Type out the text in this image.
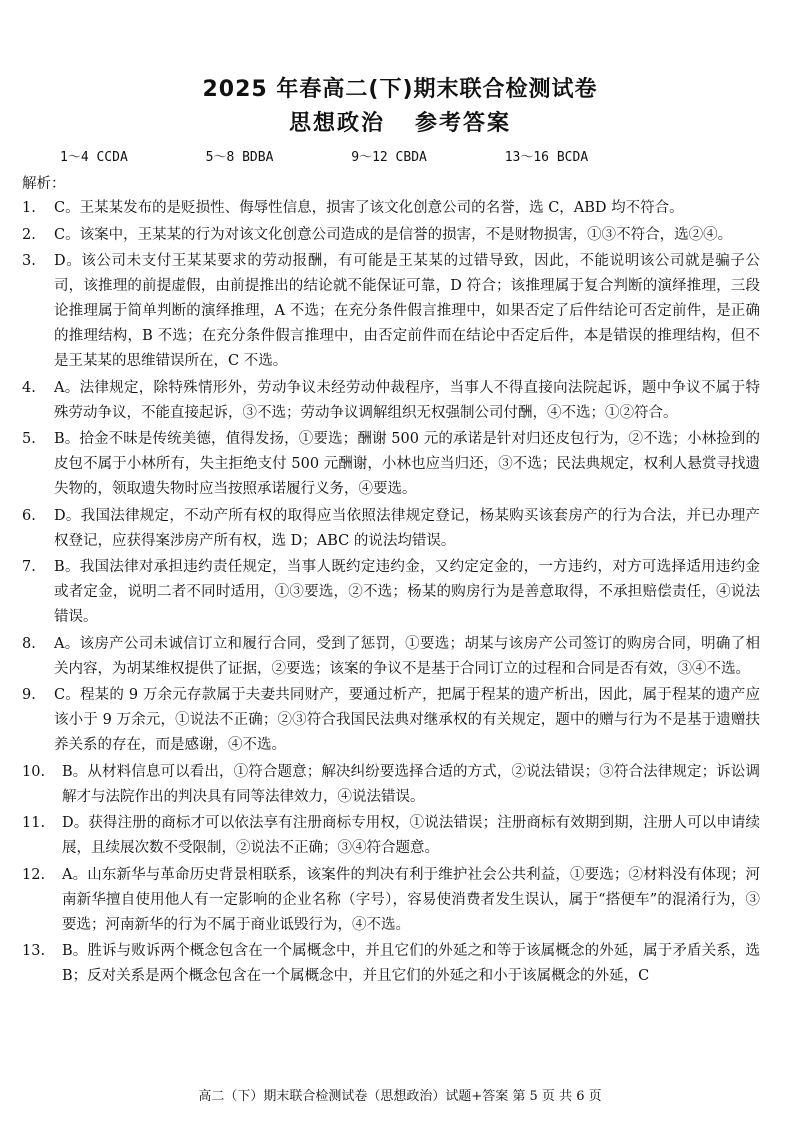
2025 年春高二(下)期末联合检测试卷
思想政治 参考答案
1～4 CCDA	5～8 BDBA	9～12 CBDA	13～16 BCDA
解析：
1.	C。王某某发布的是贬损性、侮辱性信息，损害了该文化创意公司的名誉，选 C，ABD 均不符合。
2.	C。该案中，王某某的行为对该文化创意公司造成的是信誉的损害，不是财物损害，①③不符合，选②④。
3.	D。该公司未支付王某某要求的劳动报酬，有可能是王某某的过错导致，因此，不能说明该公司就是骗子公司，该推理的前提虚假，由前提推出的结论就不能保证可靠，D 符合；该推理属于复合判断的演绎推理，三段论推理属于简单判断的演绎推理，A 不选；在充分条件假言推理中，如果否定了后件结论可否定前件，是正确的推理结构，B 不选；在充分条件假言推理中，由否定前件而在结论中否定后件，本是错误的推理结构，但不是王某某的思维错误所在，C 不选。
4.	A。法律规定，除特殊情形外，劳动争议未经劳动仲裁程序，当事人不得直接向法院起诉，题中争议不属于特殊劳动争议，不能直接起诉，③不选；劳动争议调解组织无权强制公司付酬，④不选；①②符合。
5.	B。拾金不昧是传统美德，值得发扬，①要选；酬谢 500 元的承诺是针对归还皮包行为，②不选；小林捡到的皮包不属于小林所有，失主拒绝支付 500 元酬谢，小林也应当归还，③不选；民法典规定，权利人悬赏寻找遗失物的，领取遗失物时应当按照承诺履行义务，④要选。
6.	D。我国法律规定，不动产所有权的取得应当依照法律规定登记，杨某购买该套房产的行为合法，并已办理产权登记，应获得案涉房产所有权，选 D；ABC 的说法均错误。
7.	B。我国法律对承担违约责任规定，当事人既约定违约金，又约定定金的，一方违约，对方可选择适用违约金或者定金，说明二者不同时适用，①③要选，②不选；杨某的购房行为是善意取得，不承担赔偿责任，④说法错误。
8.	A。该房产公司未诚信订立和履行合同，受到了惩罚，①要选；胡某与该房产公司签订的购房合同，明确了相关内容，为胡某维权提供了证据，②要选；该案的争议不是基于合同订立的过程和合同是否有效，③④不选。
9.	C。程某的 9 万余元存款属于夫妻共同财产，要通过析产，把属于程某的遗产析出，因此，属于程某的遗产应该小于 9 万余元，①说法不正确；②③符合我国民法典对继承权的有关规定，题中的赠与行为不是基于遗赠扶养关系的存在，而是感谢，④不选。
10.	B。从材料信息可以看出，①符合题意；解决纠纷要选择合适的方式，②说法错误；③符合法律规定；诉讼调解才与法院作出的判决具有同等法律效力，④说法错误。
11.	D。获得注册的商标才可以依法享有注册商标专用权，①说法错误；注册商标有效期到期，注册人可以申请续展，且续展次数不受限制，②说法不正确；③④符合题意。
12.	A。山东新华与革命历史背景相联系，该案件的判决有利于维护社会公共利益，①要选；②材料没有体现；河南新华擅自使用他人有一定影响的企业名称（字号），容易使消费者发生误认，属于“搭便车”的混淆行为，③要选；河南新华的行为不属于商业诋毁行为，④不选。
13.	B。胜诉与败诉两个概念包含在一个属概念中，并且它们的外延之和等于该属概念的外延，属于矛盾关系，选 B；反对关系是两个概念包含在一个属概念中，并且它们的外延之和小于该属概念的外延，C
高二（下）期末联合检测试卷（思想政治）试题+答案 第 5 页 共 6 页
